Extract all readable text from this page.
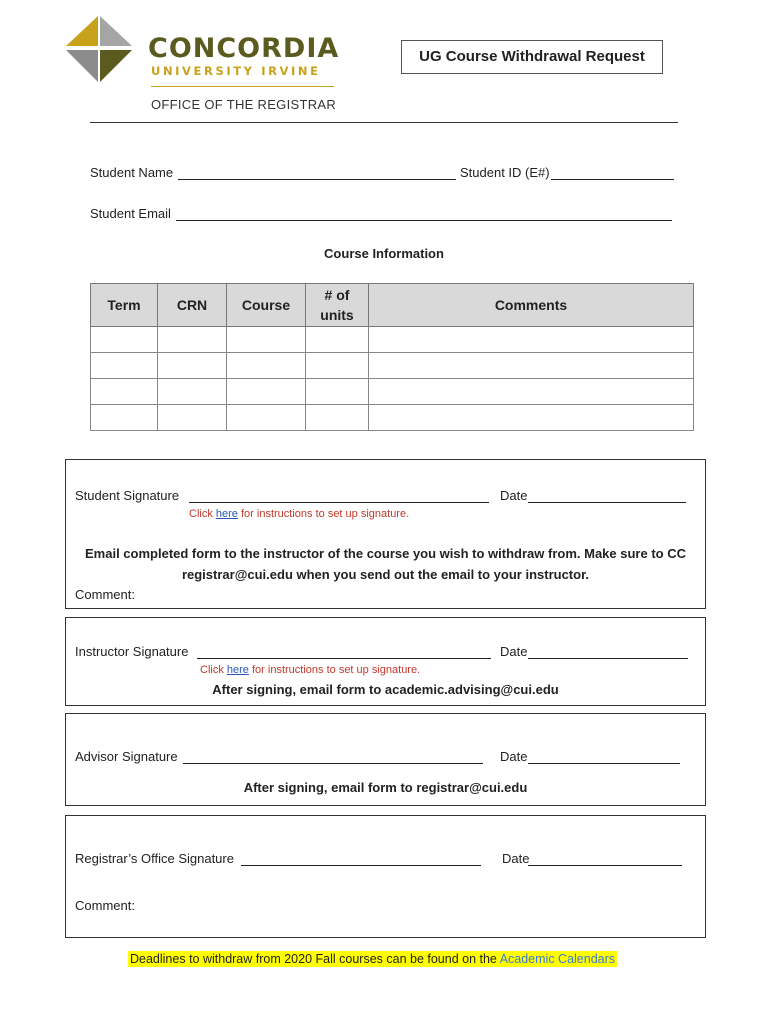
CONCORDIA
UNIVERSITY IRVINE
OFFICE OF THE REGISTRAR
UG Course Withdrawal Request
Student Name	Student ID (E#)
Student Email
Course Information
Term	CRN	Course	# of units	Comments

Student Signature	Date
Click here for instructions to set up signature.
Email completed form to the instructor of the course you wish to withdraw from. Make sure to CC
registrar@cui.edu when you send out the email to your instructor.
Comment:
Instructor Signature	Date
Click here for instructions to set up signature.
After signing, email form to academic.advising@cui.edu
Advisor Signature	Date
After signing, email form to registrar@cui.edu
Registrar’s Office Signature	Date
Comment:
Deadlines to withdraw from 2020 Fall courses can be found on the Academic Calendars
